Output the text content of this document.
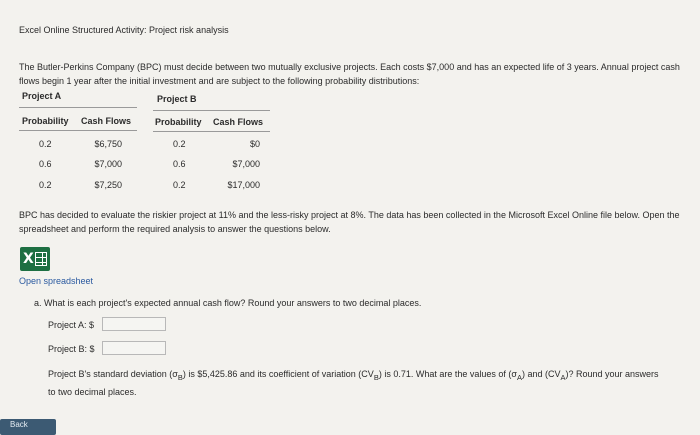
Excel Online Structured Activity: Project risk analysis
The Butler-Perkins Company (BPC) must decide between two mutually exclusive projects. Each costs $7,000 and has an expected life of 3 years. Annual project cash flows begin 1 year after the initial investment and are subject to the following probability distributions:
Project A
Probability Cash Flows
0.2	$6,750
0.6	$7,000
0.2	$7,250
Project B
Probability Cash Flows
0.2	$0
0.6	$7,000
0.2	$17,000
BPC has decided to evaluate the riskier project at 11% and the less-risky project at 8%. The data has been collected in the Microsoft Excel Online file below. Open the spreadsheet and perform the required analysis to answer the questions below.
X
Open spreadsheet
a. What is each project's expected annual cash flow? Round your answers to two decimal places.
Project A: $
Project B: $
Project B's standard deviation $(\sigma_B)$ is $5,425.86 and its coefficient of variation $(CV_B)$ is 0.71. What are the values of $(\sigma_A)$ and $(CV_A)$? Round your answers to two decimal places.
Back
